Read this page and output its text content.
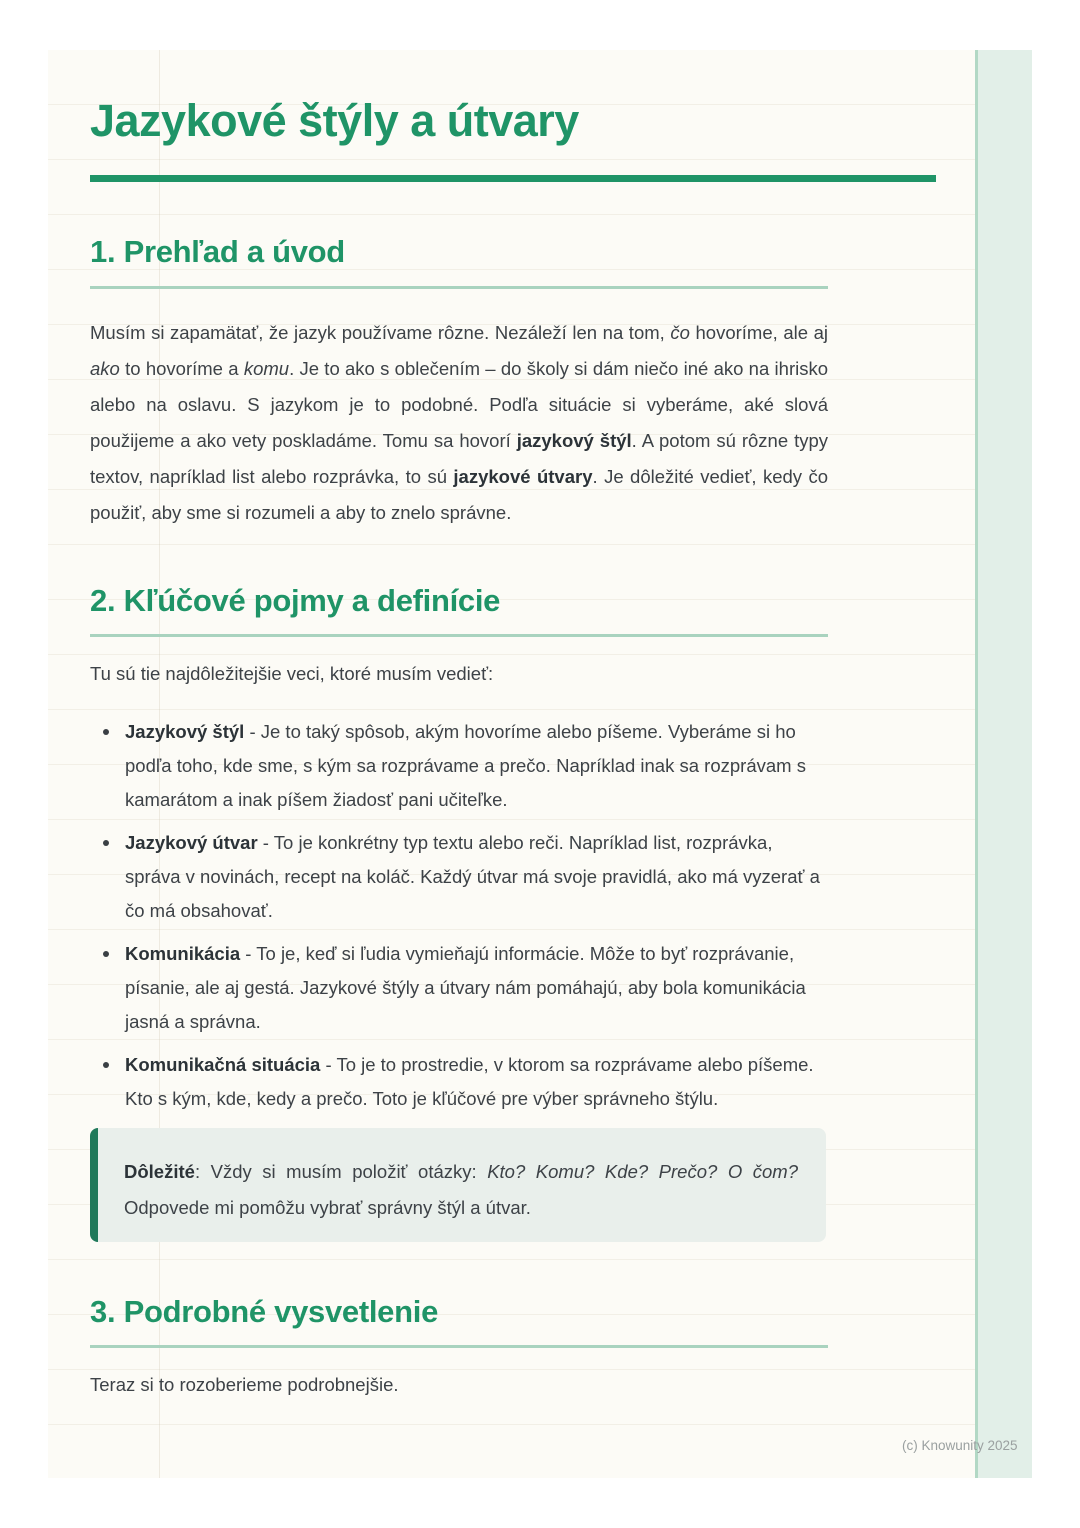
Jazykové štýly a útvary
1. Prehľad a úvod

Musím si zapamätať, že jazyk používame rôzne. Nezáleží len na tom, čo hovoríme, ale aj ako to hovoríme a komu. Je to ako s oblečením – do školy si dám niečo iné ako na ihrisko alebo na oslavu. S jazykom je to podobné. Podľa situácie si vyberáme, aké slová použijeme a ako vety poskladáme. Tomu sa hovorí jazykový štýl. A potom sú rôzne typy textov, napríklad list alebo rozprávka, to sú jazykové útvary. Je dôležité vedieť, kedy čo použiť, aby sme si rozumeli a aby to znelo správne.

2. Kľúčové pojmy a definície

Tu sú tie najdôležitejšie veci, ktoré musím vedieť:

Jazykový štýl - Je to taký spôsob, akým hovoríme alebo píšeme. Vyberáme si ho podľa toho, kde sme, s kým sa rozprávame a prečo. Napríklad inak sa rozprávam s kamarátom a inak píšem žiadosť pani učiteľke.
Jazykový útvar - To je konkrétny typ textu alebo reči. Napríklad list, rozprávka, správa v novinách, recept na koláč. Každý útvar má svoje pravidlá, ako má vyzerať a čo má obsahovať.
Komunikácia - To je, keď si ľudia vymieňajú informácie. Môže to byť rozprávanie, písanie, ale aj gestá. Jazykové štýly a útvary nám pomáhajú, aby bola komunikácia jasná a správna.
Komunikačná situácia - To je to prostredie, v ktorom sa rozprávame alebo píšeme. Kto s kým, kde, kedy a prečo. Toto je kľúčové pre výber správneho štýlu.
Dôležité: Vždy si musím položiť otázky: Kto? Komu? Kde? Prečo? O čom? Odpovede mi pomôžu vybrať správny štýl a útvar.
3. Podrobné vysvetlenie

Teraz si to rozoberieme podrobnejšie.

(c) Knowunity 2025
